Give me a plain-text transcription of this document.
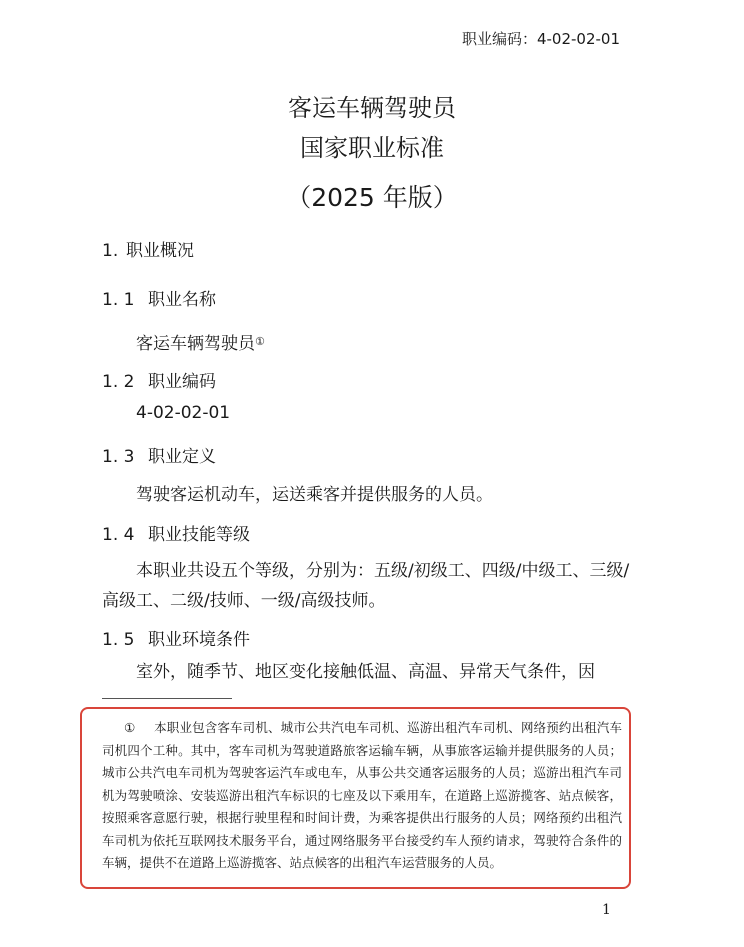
职业编码：4-02-02-01
客运车辆驾驶员
国家职业标准
（2025 年版）
1. 职业概况
1. 1 职业名称
客运车辆驾驶员①
1. 2 职业编码
4-02-02-01
1. 3 职业定义
驾驶客运机动车，运送乘客并提供服务的人员。
1. 4 职业技能等级
本职业共设五个等级，分别为：五级/初级工、四级/中级工、三级/高级工、二级/技师、一级/高级技师。
1. 5 职业环境条件
室外，随季节、地区变化接触低温、高温、异常天气条件，因
① 本职业包含客车司机、城市公共汽电车司机、巡游出租汽车司机、网络预约出租汽车司机四个工种。其中，客车司机为驾驶道路旅客运输车辆，从事旅客运输并提供服务的人员；城市公共汽电车司机为驾驶客运汽车或电车，从事公共交通客运服务的人员；巡游出租汽车司机为驾驶喷涂、安装巡游出租汽车标识的七座及以下乘用车，在道路上巡游揽客、站点候客，按照乘客意愿行驶，根据行驶里程和时间计费，为乘客提供出行服务的人员；网络预约出租汽车司机为依托互联网技术服务平台，通过网络服务平台接受约车人预约请求，驾驶符合条件的车辆，提供不在道路上巡游揽客、站点候客的出租汽车运营服务的人员。
1
